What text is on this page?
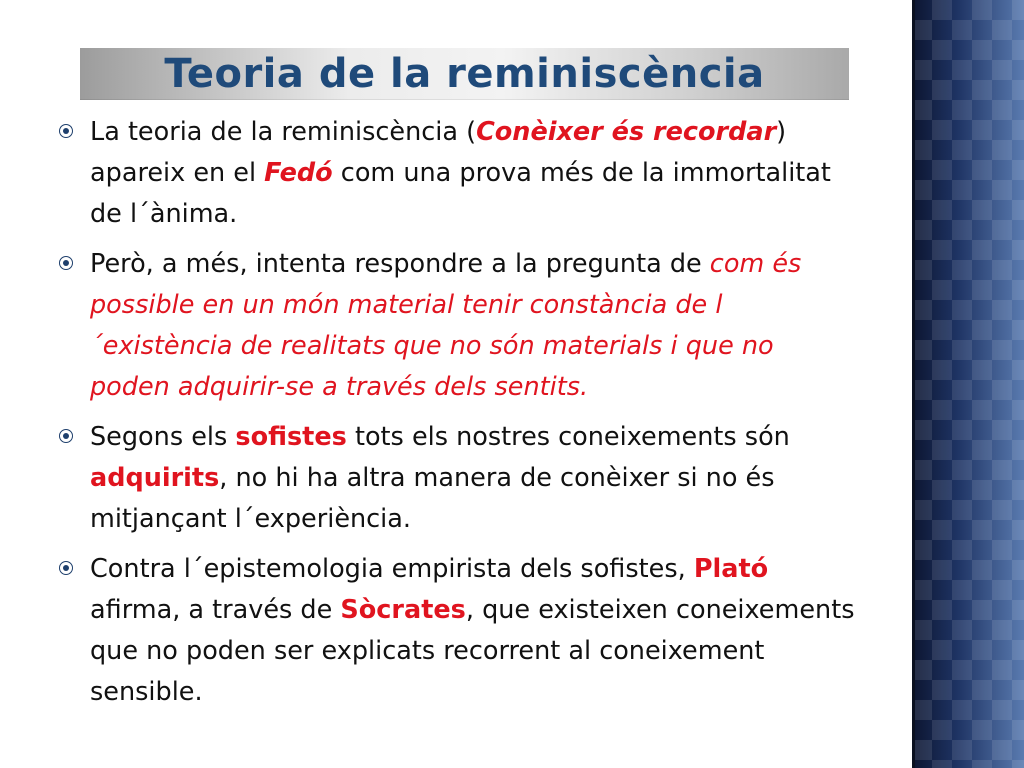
Teoria de la reminiscència
La teoria de la reminiscència (Conèixer és recordar) apareix en el Fedó com una prova més de la immortalitat de l´ànima.
Però, a més, intenta respondre a la pregunta de com és possible en un món material tenir constància de l´existència de realitats que no són materials i que no poden adquirir-se a través dels sentits.
Segons els sofistes tots els nostres coneixements són adquirits, no hi ha altra manera de conèixer si no és mitjançant l´experiència.
Contra l´epistemologia empirista dels sofistes, Plató afirma, a través de Sòcrates, que existeixen coneixements que no poden ser explicats recorrent al coneixement sensible.
